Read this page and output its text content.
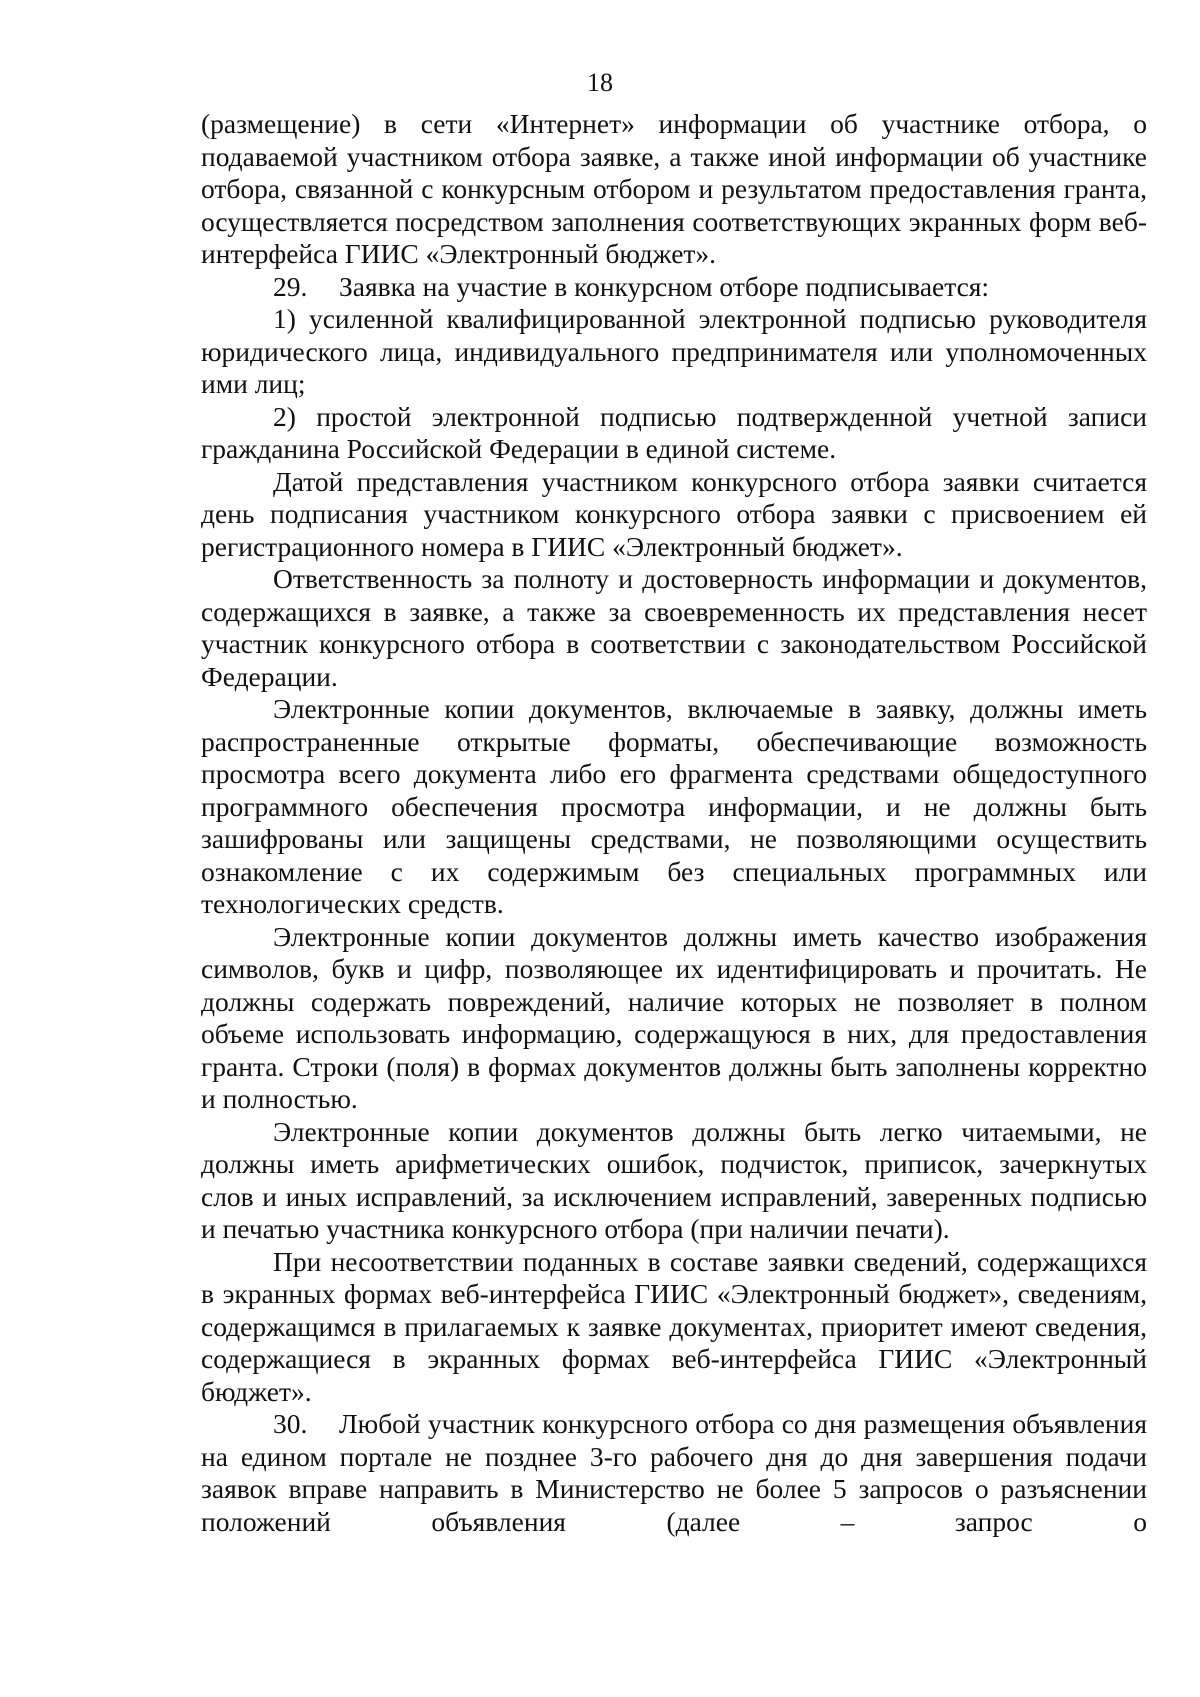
18

(размещение) в сети «Интернет» информации об участнике отбора, о подаваемой участником отбора заявке, а также иной информации об участнике отбора, связанной с конкурсным отбором и результатом предоставления гранта, осуществляется посредством заполнения соответствующих экранных форм веб-интерфейса ГИИС «Электронный бюджет».

29. Заявка на участие в конкурсном отборе подписывается:

1) усиленной квалифицированной электронной подписью руководителя юридического лица, индивидуального предпринимателя или уполномоченных ими лиц;

2) простой электронной подписью подтвержденной учетной записи гражданина Российской Федерации в единой системе.

Датой представления участником конкурсного отбора заявки считается день подписания участником конкурсного отбора заявки с присвоением ей регистрационного номера в ГИИС «Электронный бюджет».

Ответственность за полноту и достоверность информации и документов, содержащихся в заявке, а также за своевременность их представления несет участник конкурсного отбора в соответствии с законодательством Российской Федерации.

Электронные копии документов, включаемые в заявку, должны иметь распространенные открытые форматы, обеспечивающие возможность просмотра всего документа либо его фрагмента средствами общедоступного программного обеспечения просмотра информации, и не должны быть зашифрованы или защищены средствами, не позволяющими осуществить ознакомление с их содержимым без специальных программных или технологических средств.

Электронные копии документов должны иметь качество изображения символов, букв и цифр, позволяющее их идентифицировать и прочитать. Не должны содержать повреждений, наличие которых не позволяет в полном объеме использовать информацию, содержащуюся в них, для предоставления гранта. Строки (поля) в формах документов должны быть заполнены корректно и полностью.

Электронные копии документов должны быть легко читаемыми, не должны иметь арифметических ошибок, подчисток, приписок, зачеркнутых слов и иных исправлений, за исключением исправлений, заверенных подписью и печатью участника конкурсного отбора (при наличии печати).

При несоответствии поданных в составе заявки сведений, содержащихся в экранных формах веб-интерфейса ГИИС «Электронный бюджет», сведениям, содержащимся в прилагаемых к заявке документах, приоритет имеют сведения, содержащиеся в экранных формах веб-интерфейса ГИИС «Электронный бюджет».

30. Любой участник конкурсного отбора со дня размещения объявления на едином портале не позднее 3-го рабочего дня до дня завершения подачи заявок вправе направить в Министерство не более 5 запросов о разъяснении положений объявления (далее – запрос о
